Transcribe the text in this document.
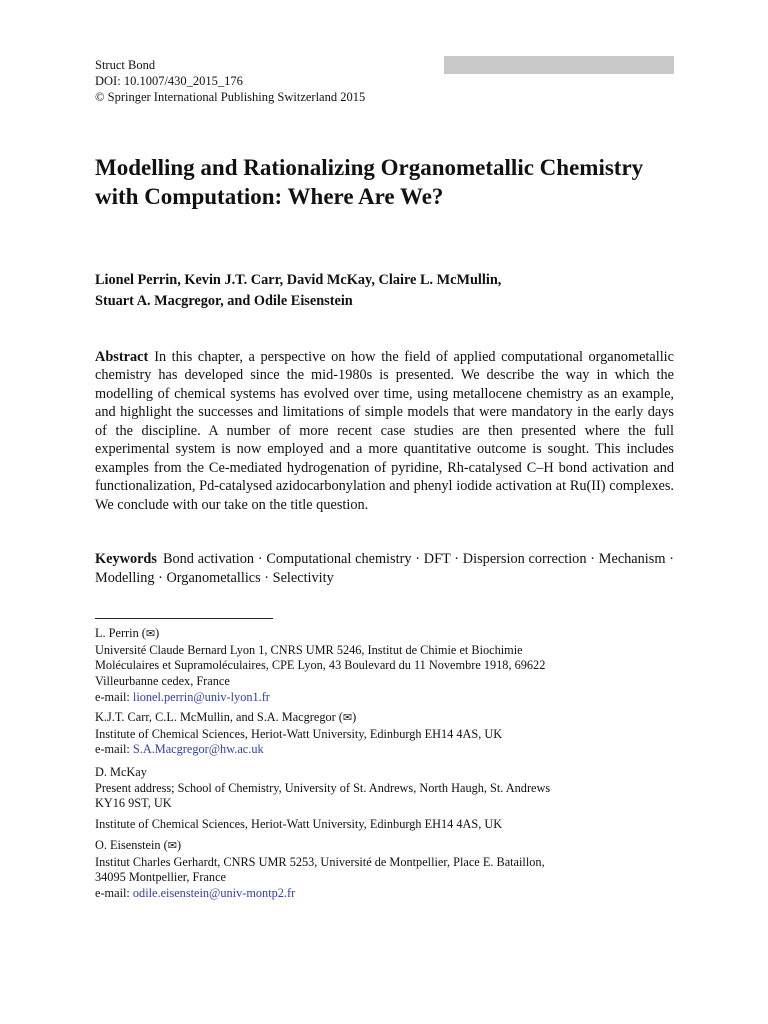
Struct Bond
DOI: 10.1007/430_2015_176
© Springer International Publishing Switzerland 2015
Modelling and Rationalizing Organometallic Chemistry with Computation: Where Are We?
Lionel Perrin, Kevin J.T. Carr, David McKay, Claire L. McMullin,
Stuart A. Macgregor, and Odile Eisenstein

Abstract In this chapter, a perspective on how the field of applied computational organometallic chemistry has developed since the mid-1980s is presented. We describe the way in which the modelling of chemical systems has evolved over time, using metallocene chemistry as an example, and highlight the successes and limitations of simple models that were mandatory in the early days of the discipline. A number of more recent case studies are then presented where the full experimental system is now employed and a more quantitative outcome is sought. This includes examples from the Ce-mediated hydrogenation of pyridine, Rh-catalysed C–H bond activation and functionalization, Pd-catalysed azidocarbonylation and phenyl iodide activation at Ru(II) complexes. We conclude with our take on the title question.

Keywords Bond activation · Computational chemistry · DFT · Dispersion correction · Mechanism · Modelling · Organometallics · Selectivity

L. Perrin (✉)
Université Claude Bernard Lyon 1, CNRS UMR 5246, Institut de Chimie et Biochimie
Moléculaires et Supramoléculaires, CPE Lyon, 43 Boulevard du 11 Novembre 1918, 69622
Villeurbanne cedex, France
e-mail: lionel.perrin@univ-lyon1.fr
K.J.T. Carr, C.L. McMullin, and S.A. Macgregor (✉)
Institute of Chemical Sciences, Heriot-Watt University, Edinburgh EH14 4AS, UK
e-mail: S.A.Macgregor@hw.ac.uk
D. McKay
Present address; School of Chemistry, University of St. Andrews, North Haugh, St. Andrews
KY16 9ST, UK
Institute of Chemical Sciences, Heriot-Watt University, Edinburgh EH14 4AS, UK
O. Eisenstein (✉)
Institut Charles Gerhardt, CNRS UMR 5253, Université de Montpellier, Place E. Bataillon,
34095 Montpellier, France
e-mail: odile.eisenstein@univ-montp2.fr
